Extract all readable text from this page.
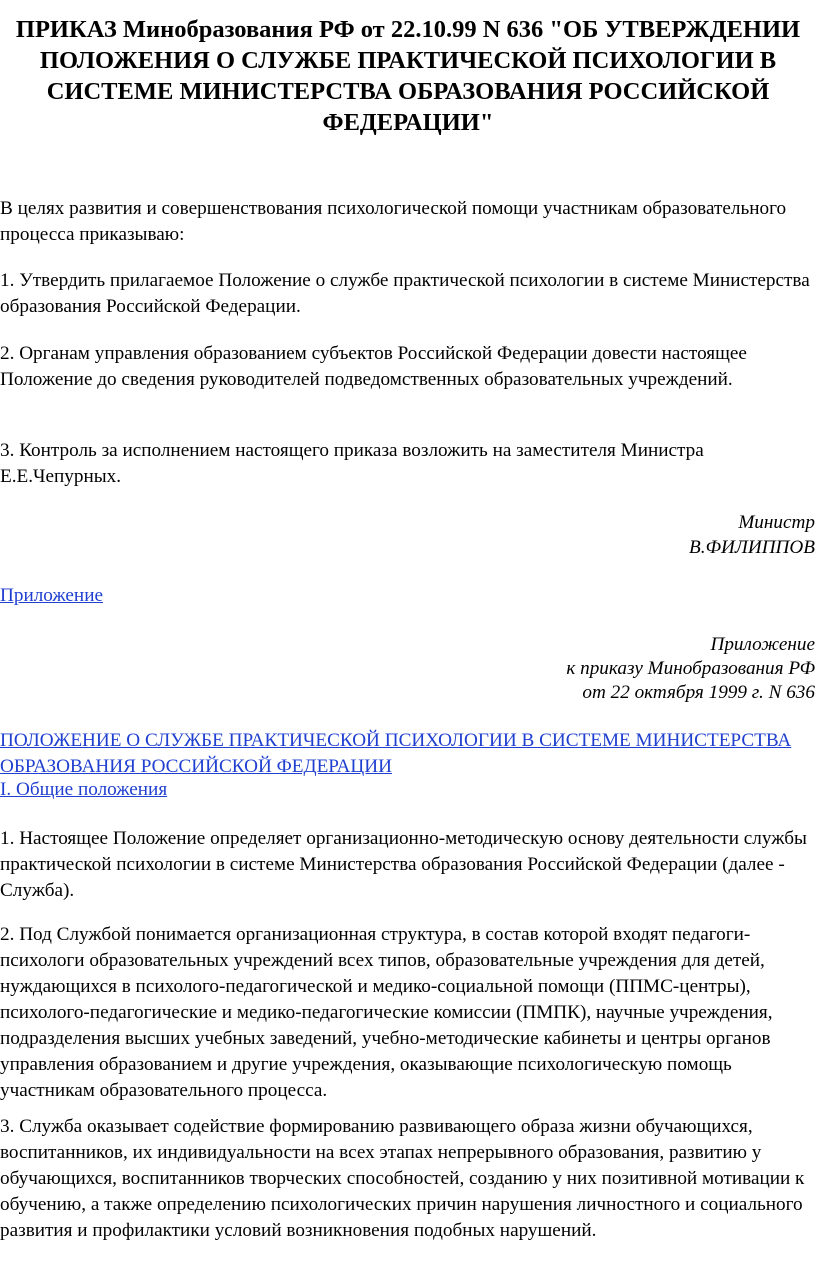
ПРИКАЗ Минобразования РФ от 22.10.99 N 636 "ОБ УТВЕРЖДЕНИИ ПОЛОЖЕНИЯ О СЛУЖБЕ ПРАКТИЧЕСКОЙ ПСИХОЛОГИИ В СИСТЕМЕ МИНИСТЕРСТВА ОБРАЗОВАНИЯ РОССИЙСКОЙ ФЕДЕРАЦИИ"
В целях развития и совершенствования психологической помощи участникам образовательного процесса приказываю:
1. Утвердить прилагаемое Положение о службе практической психологии в системе Министерства образования Российской Федерации.
2. Органам управления образованием субъектов Российской Федерации довести настоящее Положение до сведения руководителей подведомственных образовательных учреждений.
3. Контроль за исполнением настоящего приказа возложить на заместителя Министра Е.Е.Чепурных.
Министр
В.ФИЛИППОВ
Приложение
Приложение
к приказу Минобразования РФ
от 22 октября 1999 г. N 636
ПОЛОЖЕНИЕ О СЛУЖБЕ ПРАКТИЧЕСКОЙ ПСИХОЛОГИИ В СИСТЕМЕ МИНИСТЕРСТВА ОБРАЗОВАНИЯ РОССИЙСКОЙ ФЕДЕРАЦИИ
I. Общие положения
1. Настоящее Положение определяет организационно-методическую основу деятельности службы практической психологии в системе Министерства образования Российской Федерации (далее - Служба).
2. Под Службой понимается организационная структура, в состав которой входят педагоги-психологи образовательных учреждений всех типов, образовательные учреждения для детей, нуждающихся в психолого-педагогической и медико-социальной помощи (ППМС-центры), психолого-педагогические и медико-педагогические комиссии (ПМПК), научные учреждения, подразделения высших учебных заведений, учебно-методические кабинеты и центры органов управления образованием и другие учреждения, оказывающие психологическую помощь участникам образовательного процесса.
3. Служба оказывает содействие формированию развивающего образа жизни обучающихся, воспитанников, их индивидуальности на всех этапах непрерывного образования, развитию у обучающихся, воспитанников творческих способностей, созданию у них позитивной мотивации к обучению, а также определению психологических причин нарушения личностного и социального развития и профилактики условий возникновения подобных нарушений.
